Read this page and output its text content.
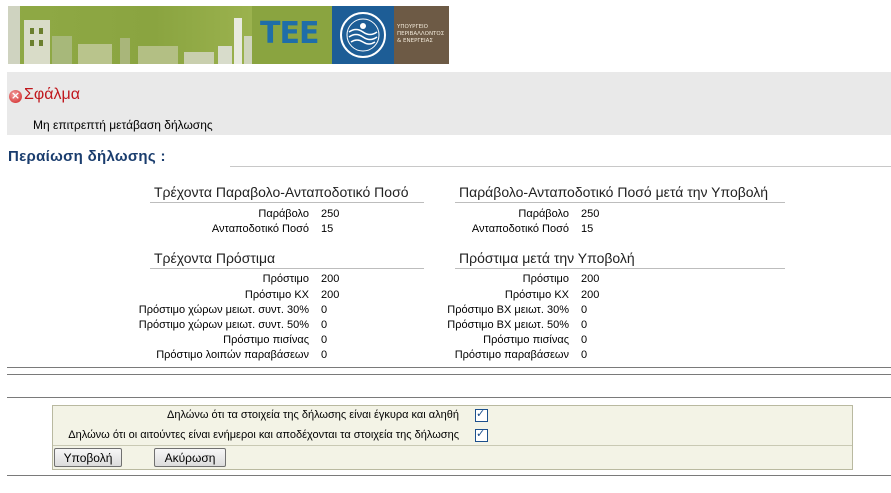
TEE	ΥΠΟΥΡΓΕΙΟ ΠΕΡΙΒΑΛΛΟΝΤΟΣ & ΕΝΕΡΓΕΙΑΣ
× Σφάλμα
Μη επιτρεπτή μετάβαση δήλωσης
Περαίωση δήλωσης :
Τρέχοντα Παραβολο-Ανταποδοτικό Ποσό
Παράβολο 250
Ανταποδοτικό Ποσό 15
Παράβολο-Ανταποδοτικό Ποσό μετά την Υποβολή
Παράβολο 250
Ανταποδοτικό Ποσό 15
Τρέχοντα Πρόστιμα
Πρόστιμο 200
Πρόστιμο ΚΧ 200
Πρόστιμο χώρων μειωτ. συντ. 30% 0
Πρόστιμο χώρων μειωτ. συντ. 50% 0
Πρόστιμο πισίνας 0
Πρόστιμο λοιπών παραβάσεων 0
Πρόστιμα μετά την Υποβολή
Πρόστιμο 200
Πρόστιμο ΚΧ 200
Πρόστιμο ΒΧ μειωτ. 30% 0
Πρόστιμο ΒΧ μειωτ. 50% 0
Πρόστιμο πισίνας 0
Πρόστιμο παραβάσεων 0
Δηλώνω ότι τα στοιχεία της δήλωσης είναι έγκυρα και αληθή
✓
Δηλώνω ότι οι αιτούντες είναι ενήμεροι και αποδέχονται τα στοιχεία της δήλωσης
✓
Υποβολή	Ακύρωση
